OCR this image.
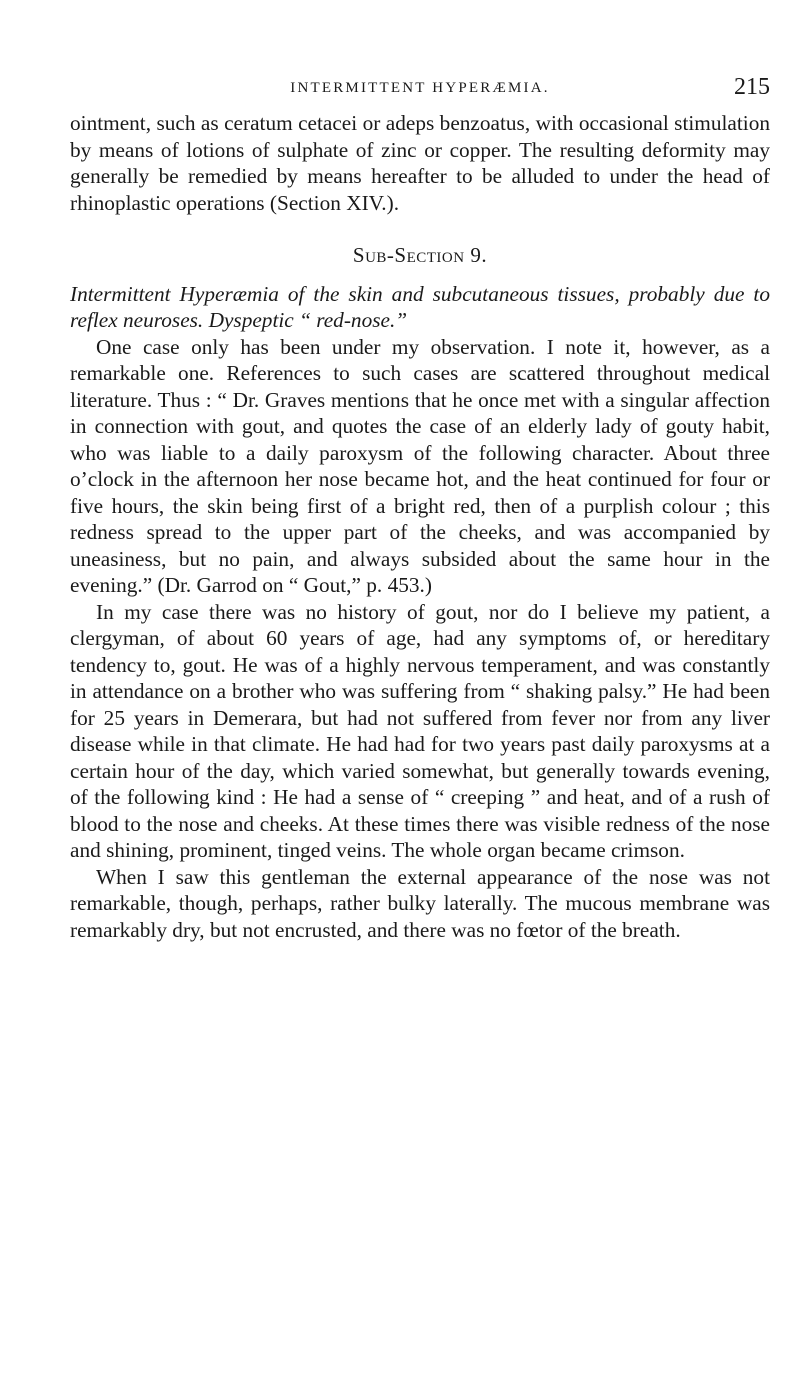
INTERMITTENT HYPERÆMIA.	215

ointment, such as ceratum cetacei or adeps benzoatus, with occasional stimulation by means of lotions of sulphate of zinc or copper. The resulting deformity may generally be remedied by means hereafter to be alluded to under the head of rhinoplastic operations (Section XIV.).

Sub-Section 9.

Intermittent Hyperæmia of the skin and subcutaneous tissues, probably due to reflex neuroses. Dyspeptic “ red-nose.”

One case only has been under my observation. I note it, however, as a remarkable one. References to such cases are scattered throughout medical literature. Thus : “ Dr. Graves mentions that he once met with a singular affection in connection with gout, and quotes the case of an elderly lady of gouty habit, who was liable to a daily paroxysm of the following character. About three o’clock in the afternoon her nose became hot, and the heat continued for four or five hours, the skin being first of a bright red, then of a purplish colour ; this redness spread to the upper part of the cheeks, and was accompanied by uneasiness, but no pain, and always subsided about the same hour in the evening.” (Dr. Garrod on “ Gout,” p. 453.)

In my case there was no history of gout, nor do I believe my patient, a clergyman, of about 60 years of age, had any symptoms of, or hereditary tendency to, gout. He was of a highly nervous temperament, and was constantly in attendance on a brother who was suffering from “ shaking palsy.” He had been for 25 years in Demerara, but had not suffered from fever nor from any liver disease while in that climate. He had had for two years past daily paroxysms at a certain hour of the day, which varied somewhat, but generally towards evening, of the following kind : He had a sense of “ creeping ” and heat, and of a rush of blood to the nose and cheeks. At these times there was visible redness of the nose and shining, prominent, tinged veins. The whole organ became crimson.

When I saw this gentleman the external appearance of the nose was not remarkable, though, perhaps, rather bulky laterally. The mucous membrane was remarkably dry, but not encrusted, and there was no fœtor of the breath.
